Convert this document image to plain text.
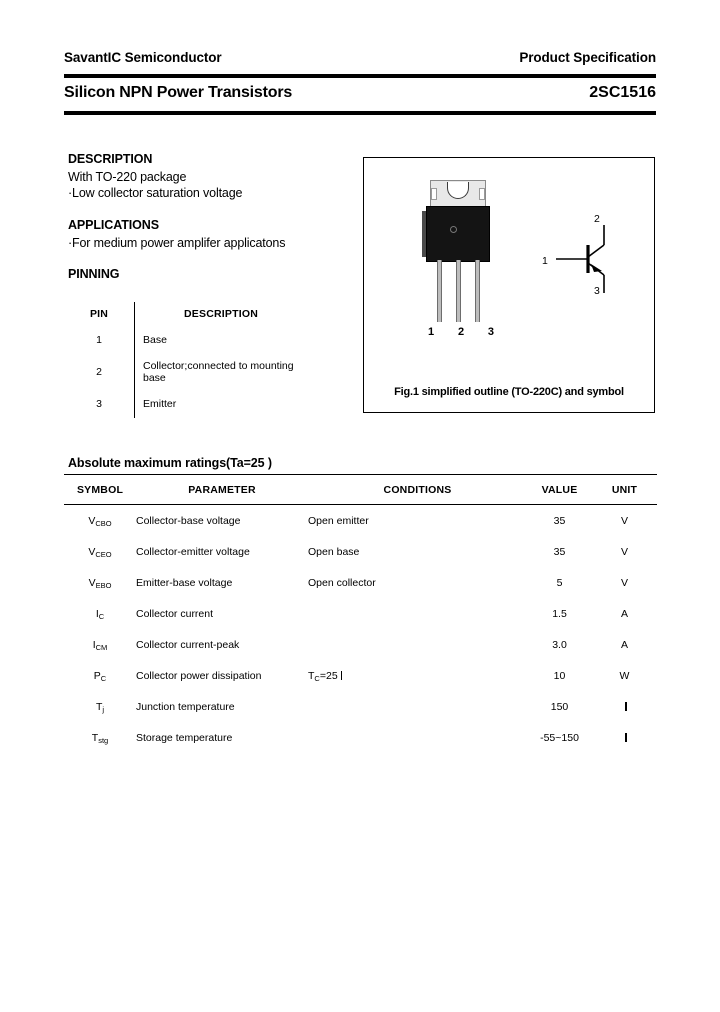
SavantIC Semiconductor	Product Specification
Silicon NPN Power Transistors	2SC1516

DESCRIPTION

With TO-220 package

·Low collector saturation voltage

APPLICATIONS

·For medium power amplifer applicatons

PINNING

PIN	DESCRIPTION
1	Base
2	Collector;connected to mounting base
3	Emitter
1 2 3
2
1
3
Fig.1 simplified outline (TO-220C) and symbol
Absolute maximum ratings(Ta=25 )
SYMBOL	PARAMETER	CONDITIONS	VALUE	UNIT
$V_{CBO}$	Collector-base voltage	Open emitter	35	V
$V_{CEO}$	Collector-emitter voltage	Open base	35	V
$V_{EBO}$	Emitter-base voltage	Open collector	5	V
$I_C$	Collector current		1.5	A
$I_{CM}$	Collector current-peak		3.0	A
$P_C$	Collector power dissipation	$T_C=25$	10	W
$T_j$	Junction temperature		150	
$T_{stg}$	Storage temperature		-55~150	
